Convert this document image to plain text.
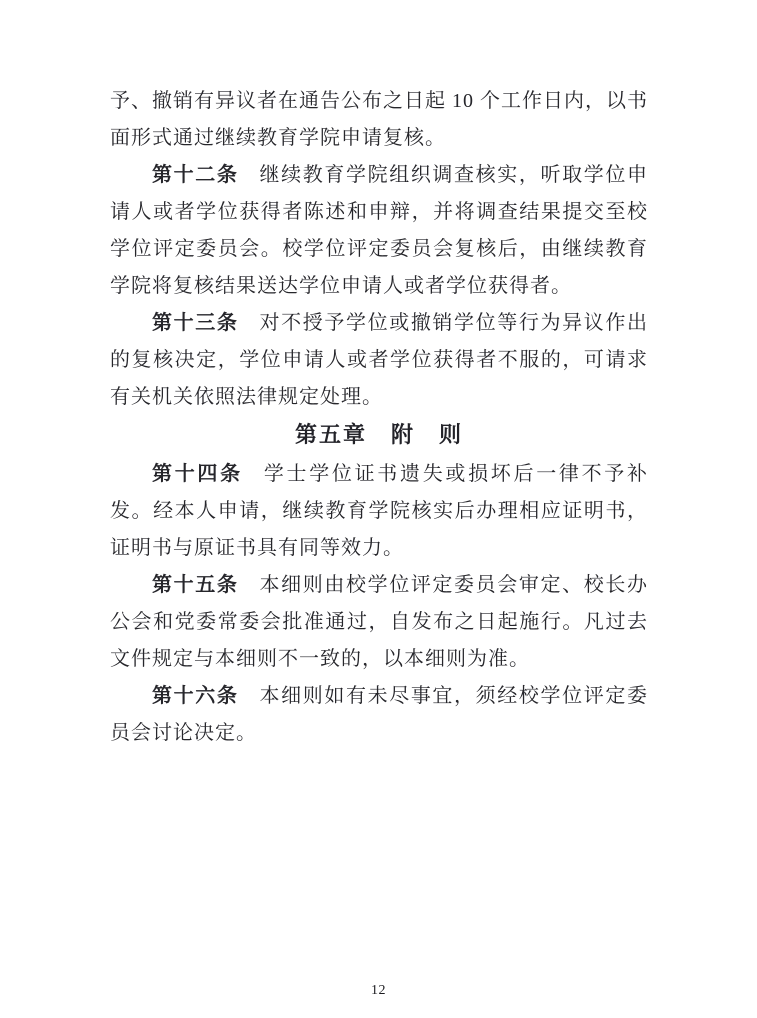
予、撤销有异议者在通告公布之日起 10 个工作日内，以书面形式通过继续教育学院申请复核。

第十二条 继续教育学院组织调查核实，听取学位申请人或者学位获得者陈述和申辩，并将调查结果提交至校学位评定委员会。校学位评定委员会复核后，由继续教育学院将复核结果送达学位申请人或者学位获得者。

第十三条 对不授予学位或撤销学位等行为异议作出的复核决定，学位申请人或者学位获得者不服的，可请求有关机关依照法律规定处理。

第五章　附　则

第十四条 学士学位证书遗失或损坏后一律不予补发。经本人申请，继续教育学院核实后办理相应证明书，证明书与原证书具有同等效力。

第十五条 本细则由校学位评定委员会审定、校长办公会和党委常委会批准通过，自发布之日起施行。凡过去文件规定与本细则不一致的，以本细则为准。

第十六条 本细则如有未尽事宜，须经校学位评定委员会讨论决定。

12
